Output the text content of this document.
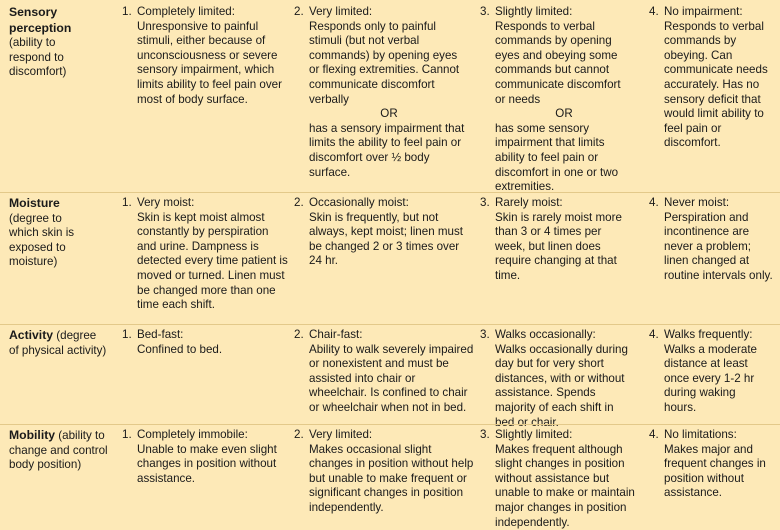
Sensory perception (ability to respond to discomfort)
1. Completely limited:
Unresponsive to painful stimuli, either because of unconsciousness or severe sensory impairment, which limits ability to feel pain over most of body surface.
2. Very limited:
Responds only to painful stimuli (but not verbal commands) by opening eyes or flexing extremities. Cannot communicate discomfort verbally
OR
has a sensory impairment that limits the ability to feel pain or discomfort over ½ body surface.
3. Slightly limited:
Responds to verbal commands by opening eyes and obeying some commands but cannot communicate discomfort or needs
OR
has some sensory impairment that limits ability to feel pain or discomfort in one or two extremities.
4. No impairment:
Responds to verbal commands by obeying. Can communicate needs accurately. Has no sensory deficit that would limit ability to feel pain or discomfort.
Moisture (degree to which skin is exposed to moisture)
1. Very moist:
Skin is kept moist almost constantly by perspiration and urine. Dampness is detected every time patient is moved or turned. Linen must be changed more than one time each shift.
2. Occasionally moist:
Skin is frequently, but not always, kept moist; linen must be changed 2 or 3 times over 24 hr.
3. Rarely moist:
Skin is rarely moist more than 3 or 4 times per week, but linen does require changing at that time.
4. Never moist:
Perspiration and incontinence are never a problem; linen changed at routine intervals only.
Activity (degree of physical activity)
1. Bed-fast:
Confined to bed.
2. Chair-fast:
Ability to walk severely impaired or nonexistent and must be assisted into chair or wheelchair. Is confined to chair or wheelchair when not in bed.
3. Walks occasionally:
Walks occasionally during day but for very short distances, with or without assistance. Spends majority of each shift in bed or chair.
4. Walks frequently:
Walks a moderate distance at least once every 1-2 hr during waking hours.
Mobility (ability to change and control body position)
1. Completely immobile:
Unable to make even slight changes in position without assistance.
2. Very limited:
Makes occasional slight changes in position without help but unable to make frequent or significant changes in position independently.
3. Slightly limited:
Makes frequent although slight changes in position without assistance but unable to make or maintain major changes in position independently.
4. No limitations:
Makes major and frequent changes in position without assistance.
